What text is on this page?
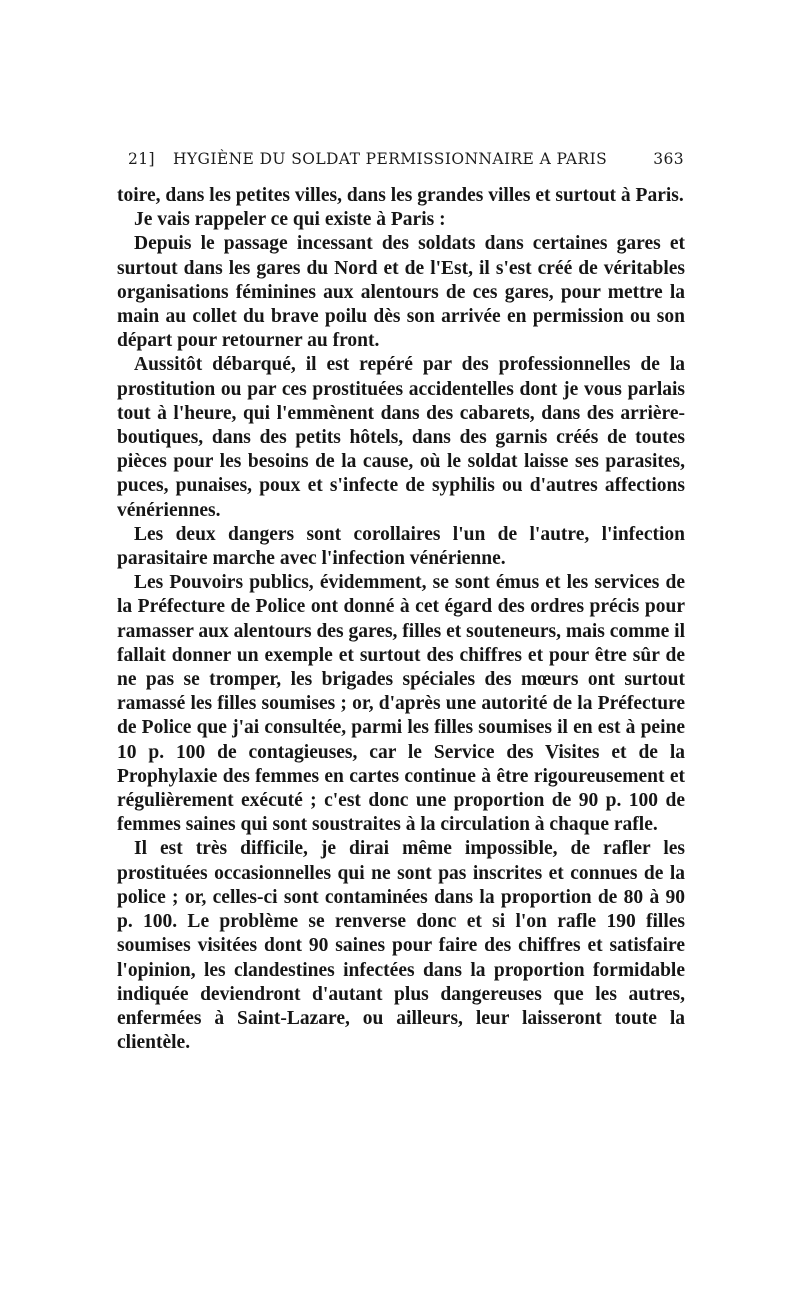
21] HYGIÈNE DU SOLDAT PERMISSIONNAIRE A PARIS	363

toire, dans les petites villes, dans les grandes villes et surtout à Paris.

Je vais rappeler ce qui existe à Paris :

Depuis le passage incessant des soldats dans certaines gares et surtout dans les gares du Nord et de l'Est, il s'est créé de véritables organisations féminines aux alentours de ces gares, pour mettre la main au collet du brave poilu dès son arrivée en permission ou son départ pour retourner au front.

Aussitôt débarqué, il est repéré par des professionnelles de la prostitution ou par ces prostituées accidentelles dont je vous parlais tout à l'heure, qui l'emmènent dans des cabarets, dans des arrière-boutiques, dans des petits hôtels, dans des garnis créés de toutes pièces pour les besoins de la cause, où le soldat laisse ses parasites, puces, punaises, poux et s'infecte de syphilis ou d'autres affections vénériennes.

Les deux dangers sont corollaires l'un de l'autre, l'infection parasitaire marche avec l'infection vénérienne.

Les Pouvoirs publics, évidemment, se sont émus et les services de la Préfecture de Police ont donné à cet égard des ordres précis pour ramasser aux alentours des gares, filles et souteneurs, mais comme il fallait donner un exemple et surtout des chiffres et pour être sûr de ne pas se tromper, les brigades spéciales des mœurs ont surtout ramassé les filles soumises ; or, d'après une autorité de la Préfecture de Police que j'ai consultée, parmi les filles soumises il en est à peine 10 p. 100 de contagieuses, car le Service des Visites et de la Prophylaxie des femmes en cartes continue à être rigoureusement et régulièrement exécuté ; c'est donc une proportion de 90 p. 100 de femmes saines qui sont soustraites à la circulation à chaque rafle.

Il est très difficile, je dirai même impossible, de rafler les prostituées occasionnelles qui ne sont pas inscrites et connues de la police ; or, celles-ci sont contaminées dans la proportion de 80 à 90 p. 100. Le problème se renverse donc et si l'on rafle 190 filles soumises visitées dont 90 saines pour faire des chiffres et satisfaire l'opinion, les clandestines infectées dans la proportion formidable indiquée deviendront d'autant plus dangereuses que les autres, enfermées à Saint-Lazare, ou ailleurs, leur laisseront toute la clientèle.
